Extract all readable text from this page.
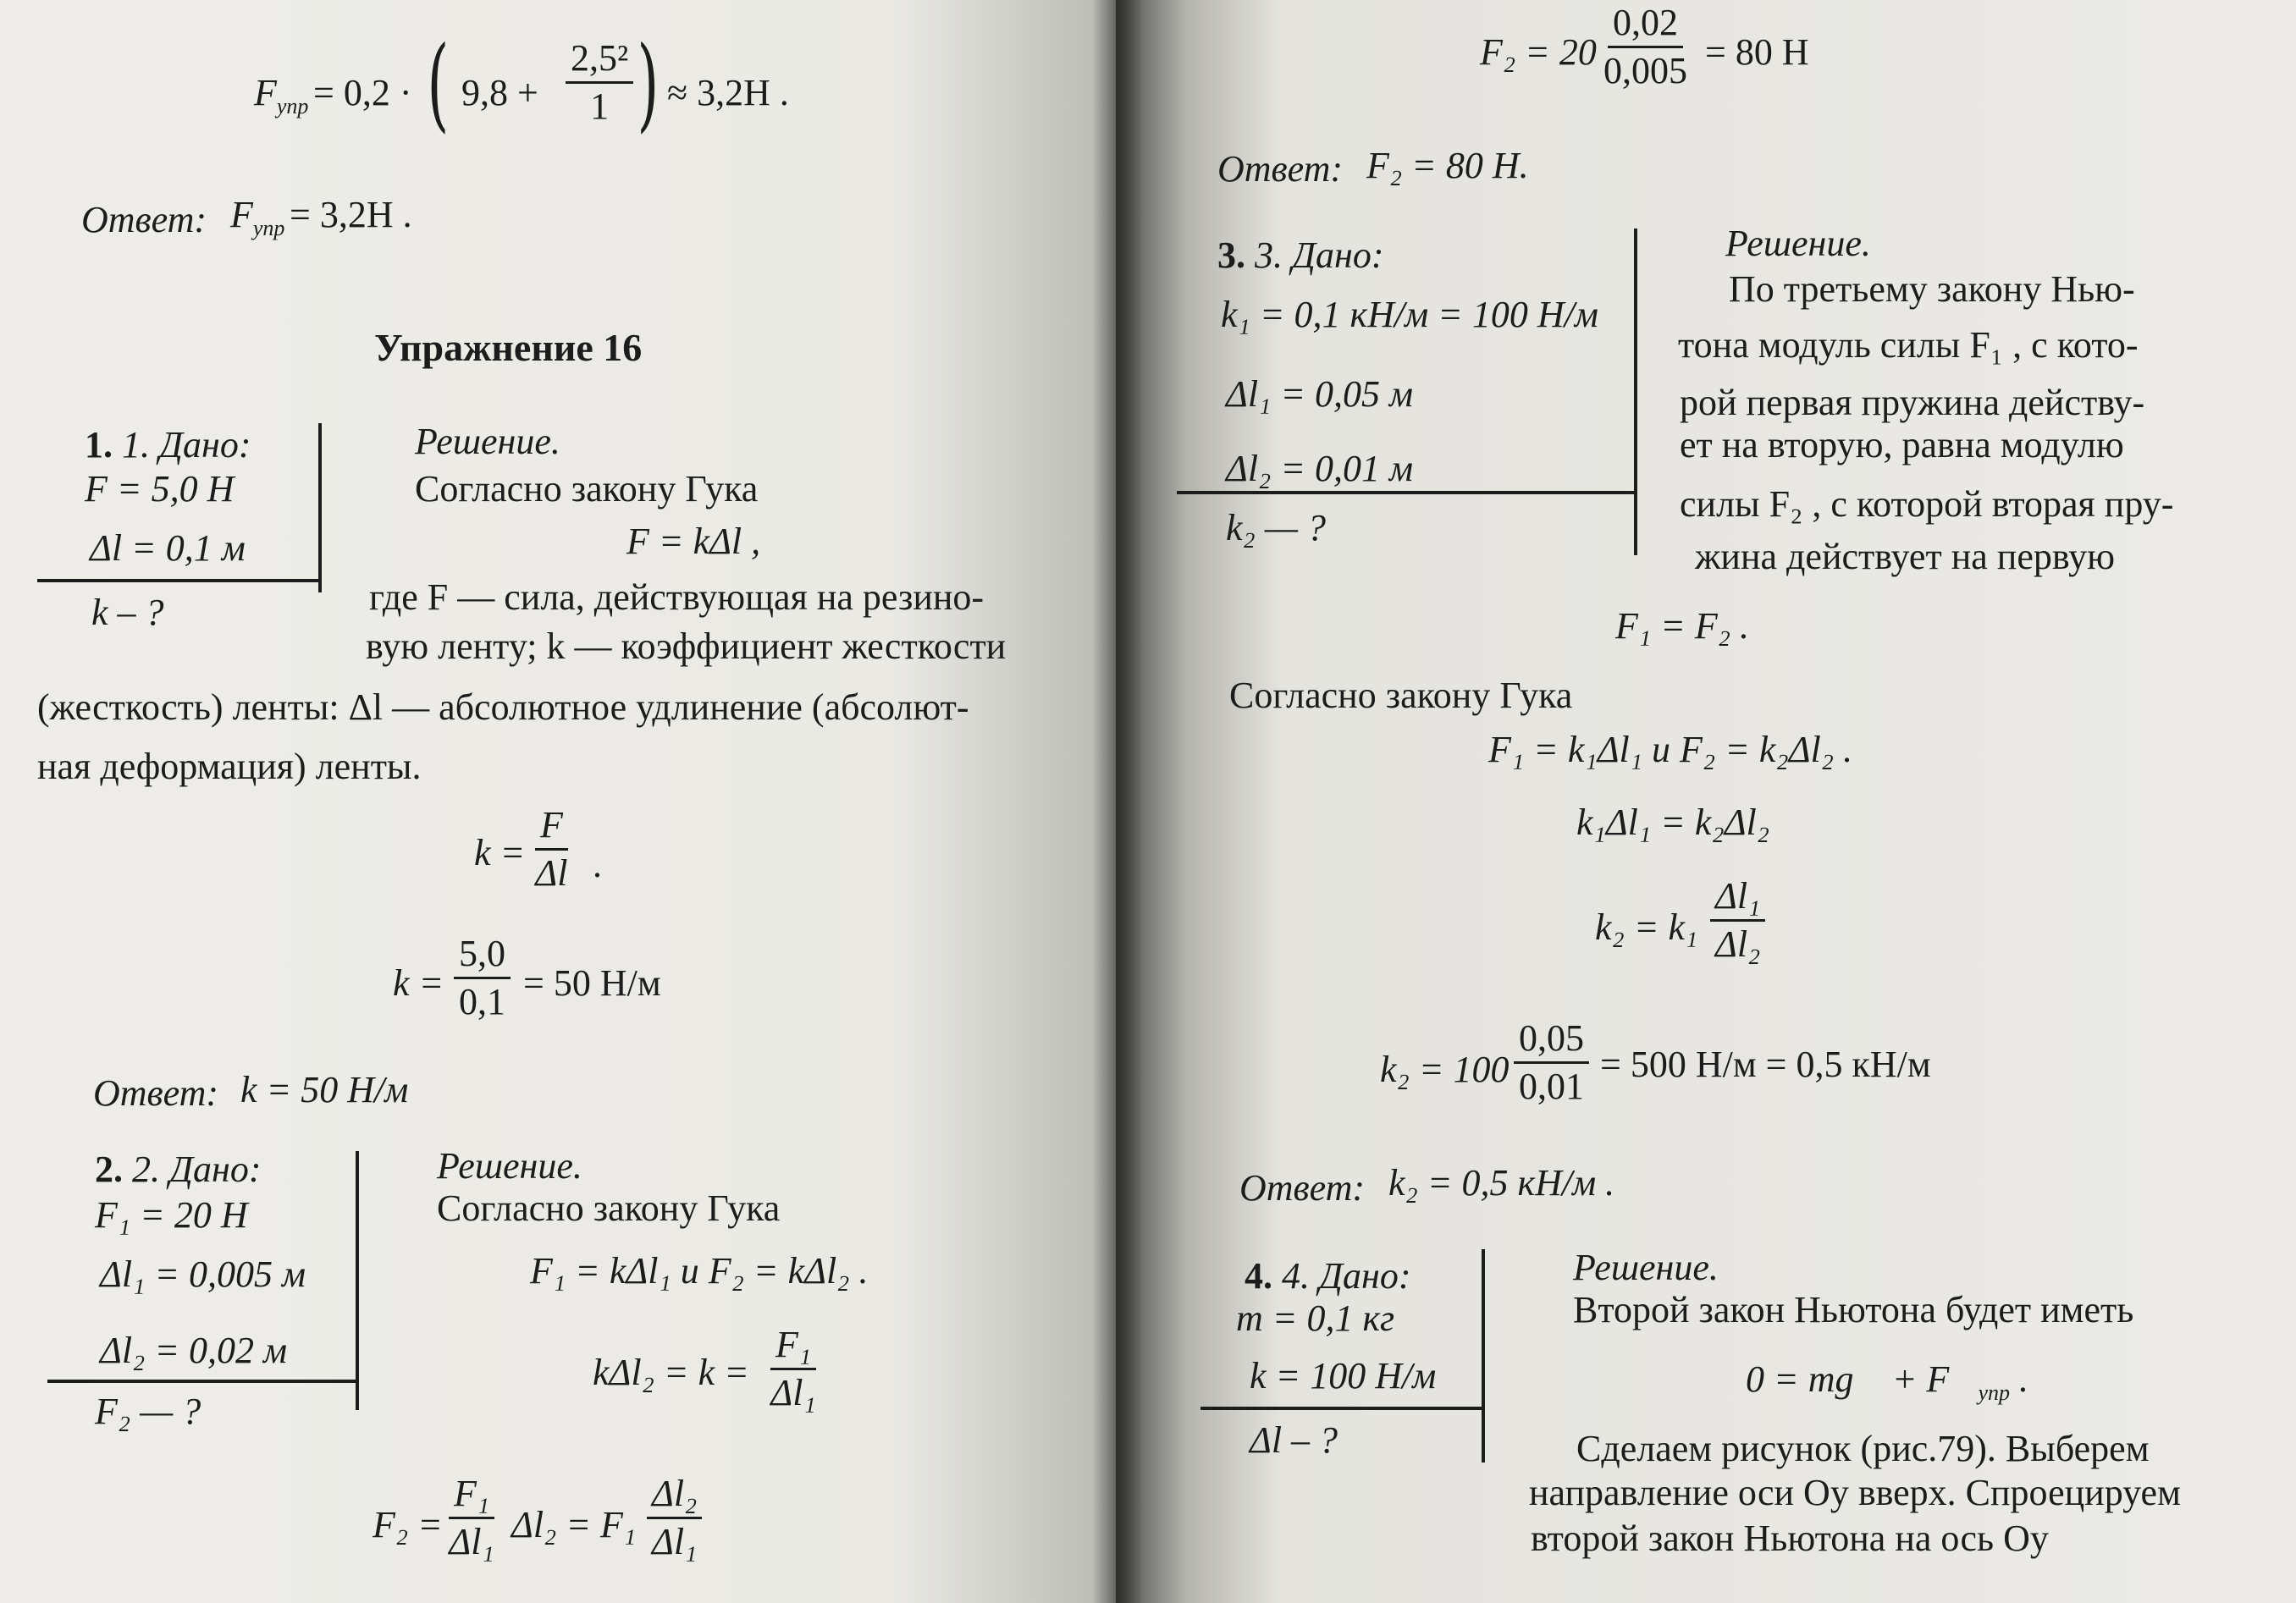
$F_{упр} = 0,2$ · ( $9,8 + \frac{\text{2,5²}}{1}$ ) ≈ 3,2Н .
Ответ: $F_{упр} = 3,2Н$ .
Упражнение 16
1. 1. Дано:
F = 5,0 Н
Δl = 0,1 м
k – ?
Решение.
Согласно закону Гука
F = kΔl ,
где F — сила, действующая на резино-
вую ленту; k — коэффициент жесткости
(жесткость) ленты: Δl — абсолютное удлинение (абсолют-
ная деформация) ленты.
$k = \frac{F}{\Delta l}$ .
$k = \frac{5,0}{0,1} = 50$ Н/м
Ответ: k = 50 Н/м
2. 2. Дано:
F₁ = 20 Н
Δl₁ = 0,005 м
Δl₂ = 0,02 м
F₂ — ?
Решение.
Согласно закону Гука
F₁ = kΔl₁ и F₂ = kΔl₂ .
$k\Delta l_2 = k = \frac{\text{F₁}}{\text{Δl₁}}$
$F_2 = \frac{\text{F₁}}{\text{Δl₁}} \Delta l_2 = F_1 \frac{\text{Δl₂}}{\text{Δl₁}}$
$F_2 = 20 \frac{0,02}{0,005} = 80$ Н
Ответ: F₂ = 80 Н.
3. 3. Дано:
k₁ = 0,1 кН/м = 100 Н/м
Δl₁ = 0,05 м
Δl₂ = 0,01 м
k₂ — ?
Решение.
По третьему закону Нью-
тона модуль силы F₁ , с кото-
рой первая пружина действу-
ет на вторую, равна модулю
силы F₂ , с которой вторая пру-
жина действует на первую
F₁ = F₂ .
Согласно закону Гука
F₁ = k₁Δl₁ и F₂ = k₂Δl₂ .
k₁Δl₁ = k₂Δl₂
$k_2 = k_1 \frac{\text{Δl₁}}{\text{Δl₂}}$
$k_2 = 100 \frac{0,05}{0,01} = 500$ Н/м = 0,5 кН/м
Ответ: k₂ = 0,5 кН/м .
4. 4. Дано:
m = 0,1 кг
k = 100 Н/м
Δl – ?
Решение.
Второй закон Ньютона будет иметь
0 = mg⃗ + $F⃗_{упр}$ .
Сделаем рисунок (рис.79). Выберем
направление оси Oy вверх. Спроецируем
второй закон Ньютона на ось Oy
